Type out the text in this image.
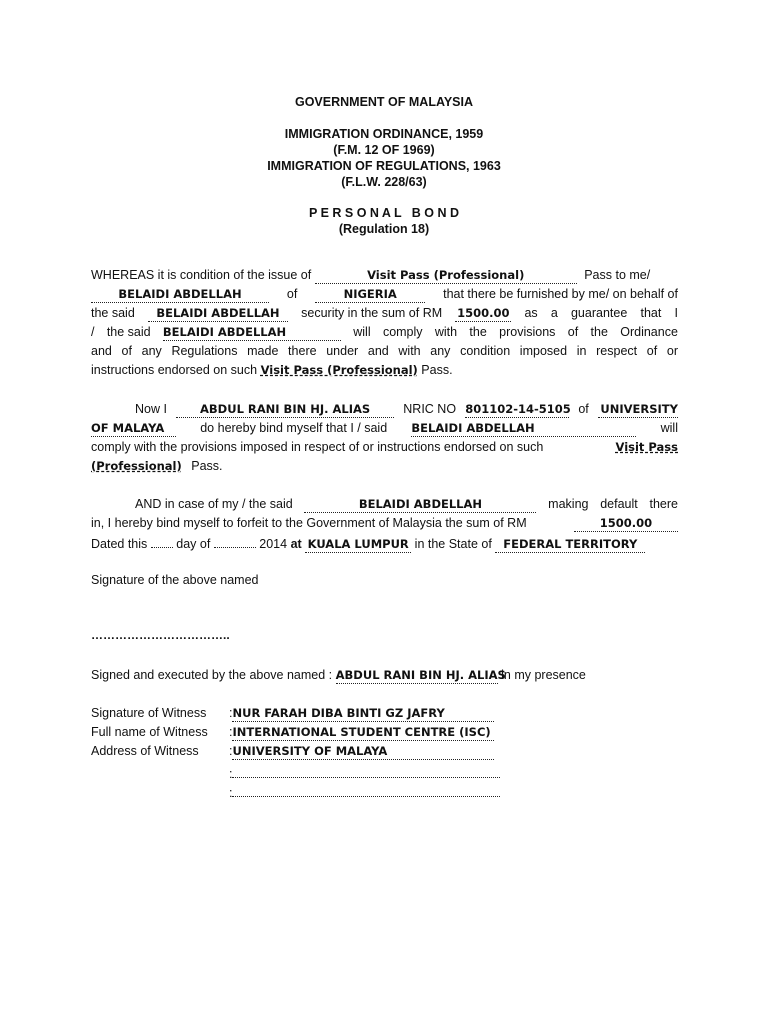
GOVERNMENT OF MALAYSIA
IMMIGRATION ORDINANCE, 1959
(F.M. 12 OF 1969)
IMMIGRATION OF REGULATIONS, 1963
(F.L.W. 228/63)
P E R S O N A L   B O N D
(Regulation 18)
WHEREAS it is condition of the issue of	Visit Pass (Professional)	Pass to me/
BELAIDI ABDELLAH	of	NIGERIA	that there be furnished by me/ on behalf of
the said	BELAIDI ABDELLAH	security in the sum of RM 1500.00 as a guarantee that I
/ the said BELAIDI ABDELLAH	will comply with the provisions of the Ordinance
and of any Regulations made there under and with any condition imposed in respect of or
instructions endorsed on such Visit Pass (Professional) Pass.
Now I	ABDUL RANI BIN HJ. ALIAS	NRIC NO 801102-14-5105 of UNIVERSITY
OF MALAYA	do hereby bind myself that I / said BELAIDI ABDELLAH	will
comply with the provisions imposed in respect of or instructions endorsed on such	Visit Pass
(Professional) Pass.
AND in case of my / the said	BELAIDI ABDELLAH	making default there
in, I hereby bind myself to forfeit to the Government of Malaysia the sum of RM	1500.00
Dated this day of	2014 at KUALA LUMPUR in the State of FEDERAL TERRITORY
Signature of the above named
……………………………..
Signed and executed by the above named : ABDUL RANI BIN HJ. ALIAS in my presence
Signature of Witness :NUR FARAH DIBA BINTI GZ JAFRY
Full name of Witness :INTERNATIONAL STUDENT CENTRE (ISC)
Address of Witness :UNIVERSITY OF MALAYA
:
:
